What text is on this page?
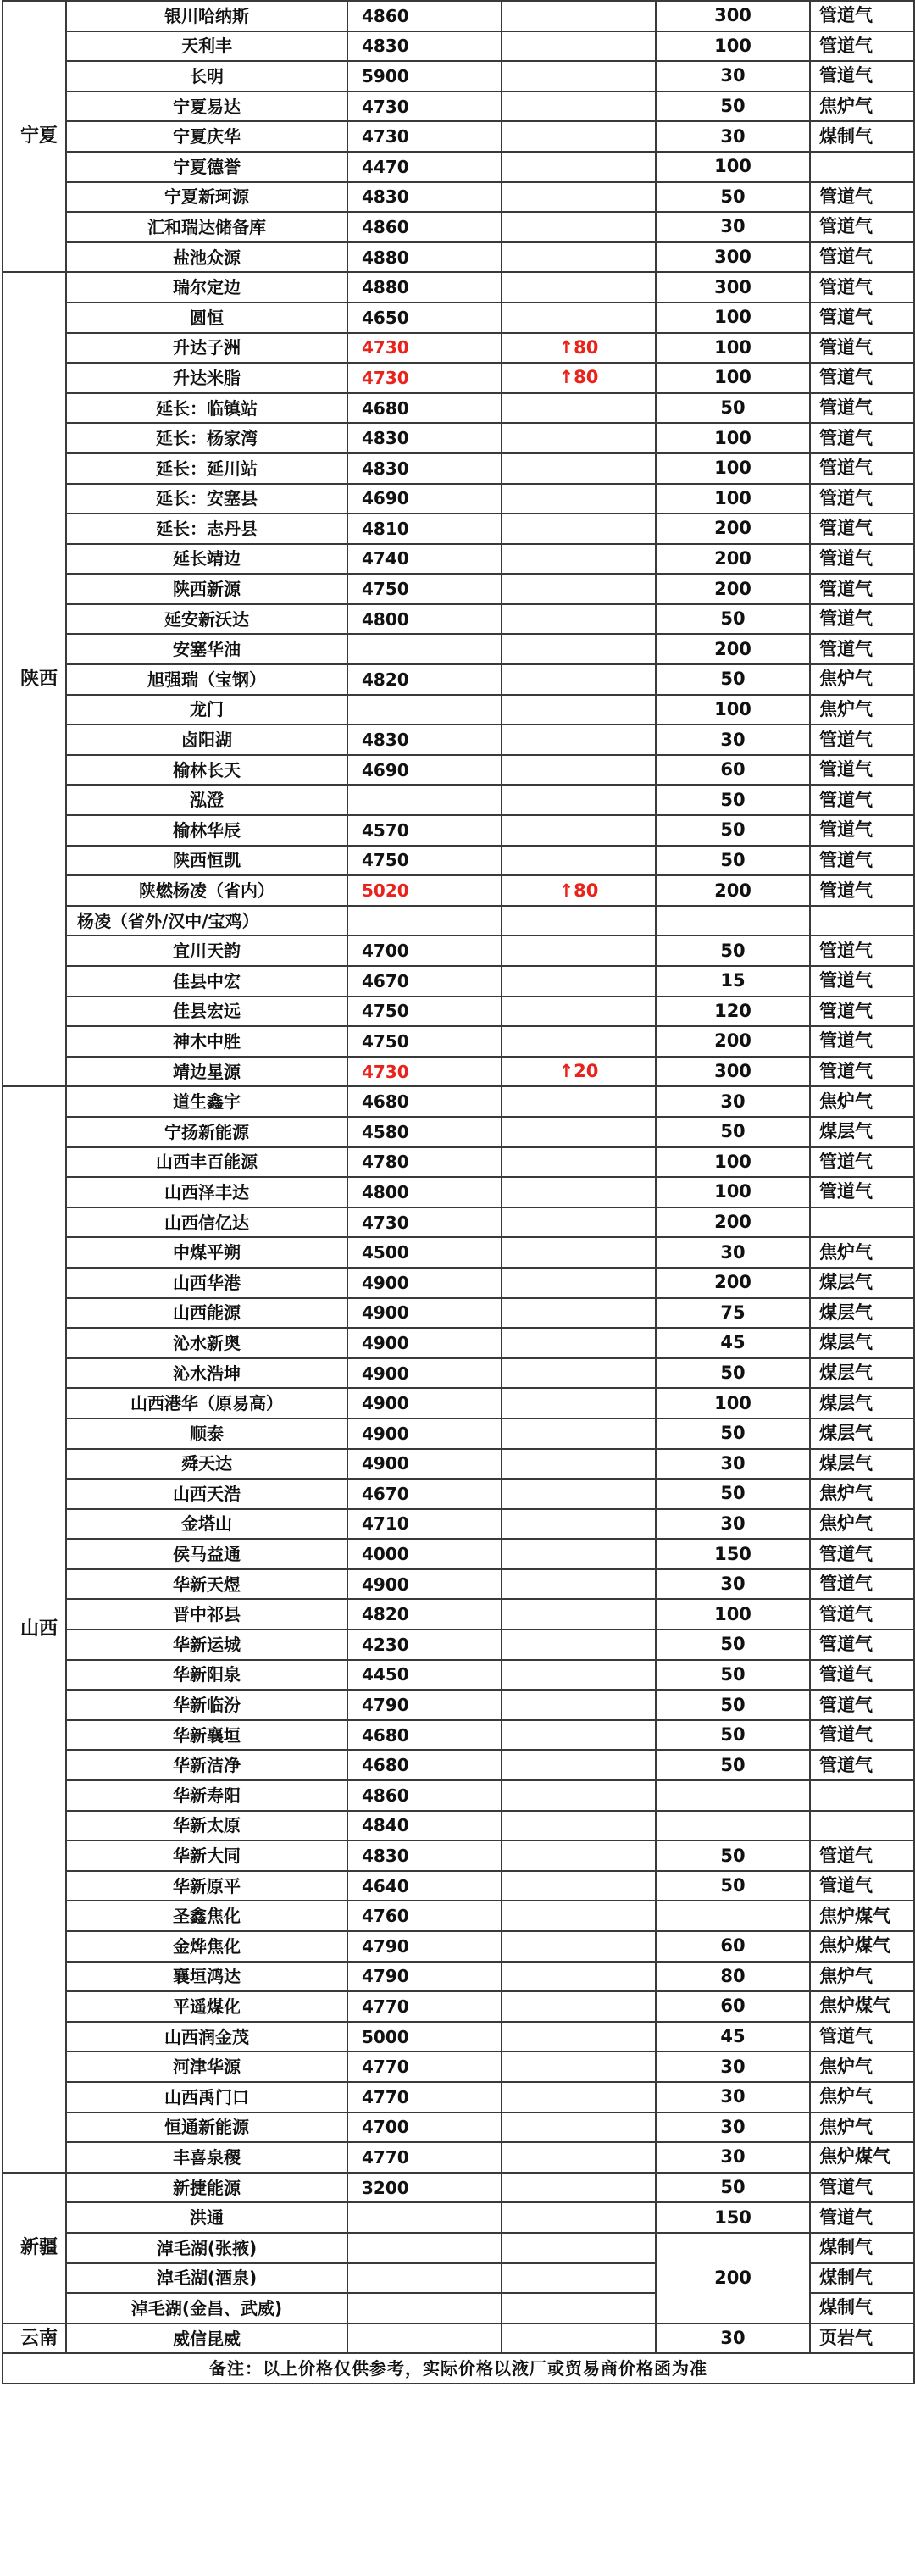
宁夏	银川哈纳斯	4860		300	管道气
	天利丰	4830		100	管道气
	长明	5900		30	管道气
	宁夏易达	4730		50	焦炉气
	宁夏庆华	4730		30	煤制气
	宁夏德誉	4470		100	
	宁夏新珂源	4830		50	管道气
	汇和瑞达储备库	4860		30	管道气
	盐池众源	4880		300	管道气
陕西	瑞尔定边	4880		300	管道气
	圆恒	4650		100	管道气
	升达子洲	4730	↑80	100	管道气
	升达米脂	4730	↑80	100	管道气
	延长：临镇站	4680		50	管道气
	延长：杨家湾	4830		100	管道气
	延长：延川站	4830		100	管道气
	延长：安塞县	4690		100	管道气
	延长：志丹县	4810		200	管道气
	延长靖边	4740		200	管道气
	陕西新源	4750		200	管道气
	延安新沃达	4800		50	管道气
	安塞华油			200	管道气
	旭强瑞（宝钢）	4820		50	焦炉气
	龙门			100	焦炉气
	卤阳湖	4830		30	管道气
	榆林长天	4690		60	管道气
	泓澄			50	管道气
	榆林华辰	4570		50	管道气
	陕西恒凯	4750		50	管道气
	陕燃杨凌（省内）	5020	↑80	200	管道气
	杨凌（省外/汉中/宝鸡）				
	宜川天韵	4700		50	管道气
	佳县中宏	4670		15	管道气
	佳县宏远	4750		120	管道气
	神木中胜	4750		200	管道气
	靖边星源	4730	↑20	300	管道气
山西	道生鑫宇	4680		30	焦炉气
	宁扬新能源	4580		50	煤层气
	山西丰百能源	4780		100	管道气
	山西泽丰达	4800		100	管道气
	山西信亿达	4730		200	
	中煤平朔	4500		30	焦炉气
	山西华港	4900		200	煤层气
	山西能源	4900		75	煤层气
	沁水新奥	4900		45	煤层气
	沁水浩坤	4900		50	煤层气
	山西港华（原易高）	4900		100	煤层气
	顺泰	4900		50	煤层气
	舜天达	4900		30	煤层气
	山西天浩	4670		50	焦炉气
	金塔山	4710		30	焦炉气
	侯马益通	4000		150	管道气
	华新天煜	4900		30	管道气
	晋中祁县	4820		100	管道气
	华新运城	4230		50	管道气
	华新阳泉	4450		50	管道气
	华新临汾	4790		50	管道气
	华新襄垣	4680		50	管道气
	华新洁净	4680		50	管道气
	华新寿阳	4860			
	华新太原	4840			
	华新大同	4830		50	管道气
	华新原平	4640		50	管道气
	圣鑫焦化	4760			焦炉煤气
	金烨焦化	4790		60	焦炉煤气
	襄垣鸿达	4790		80	焦炉气
	平遥煤化	4770		60	焦炉煤气
	山西润金茂	5000		45	管道气
	河津华源	4770		30	焦炉气
	山西禹门口	4770		30	焦炉气
	恒通新能源	4700		30	焦炉气
	丰喜泉稷	4770		30	焦炉煤气
新疆	新捷能源	3200		50	管道气
	洪通			150	管道气
	淖毛湖(张掖)			200	煤制气
	淖毛湖(酒泉)				煤制气
	淖毛湖(金昌、武威)				煤制气
云南	威信昆威			30	页岩气
备注：以上价格仅供参考，实际价格以液厂或贸易商价格函为准					
